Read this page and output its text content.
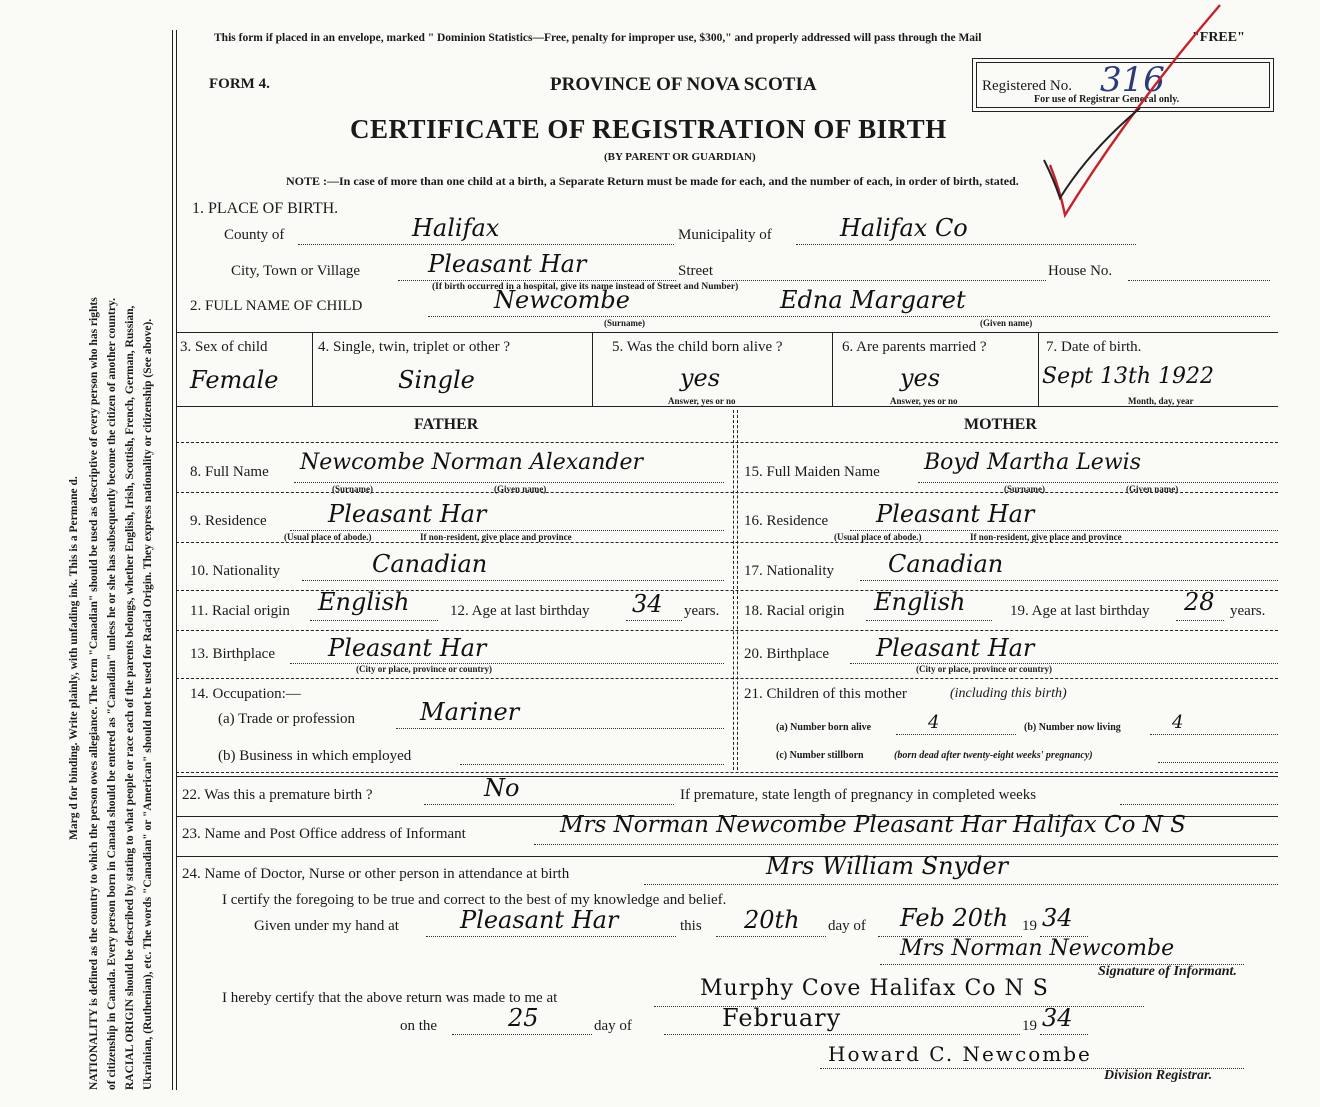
NATIONALITY is defined as the country to which the person owes allegiance. The term "Canadian" should be used as descriptive of every person who has rights of citizenship in Canada. Every person born in Canada should be entered as "Canadian" unless he or she has subsequently become the citizen of another country. RACIAL ORIGIN should be described by stating to what people or race each of the parents belongs, whether English, Irish, Scottish, French, German, Russian, Ukrainian, (Ruthenian), etc. The words "Canadian" or "American" should not be used for Racial Origin. They express nationality or citizenship (See above).
Marg d for binding. Write plainly, with unfading ink. This is a Permane d.
This form if placed in an envelope, marked " Dominion Statistics—Free, penalty for improper use, $300," and properly addressed will pass through the Mail	"FREE"
FORM 4.	PROVINCE OF NOVA SCOTIA	Registered No. 316
For use of Registrar General only.
CERTIFICATE OF REGISTRATION OF BIRTH
(BY PARENT OR GUARDIAN)
NOTE :—In case of more than one child at a birth, a Separate Return must be made for each, and the number of each, in order of birth, stated.
1. PLACE OF BIRTH.
County of	Halifax	Municipality of	Halifax Co
City, Town or Village	Pleasant Har	Street	House No.
(If birth occurred in a hospital, give its name instead of Street and Number)
2. FULL NAME OF CHILD	Newcombe	Edna Margaret
(Surname)	(Given name)
3. Sex of child
Female
4. Single, twin, triplet or other ?
Single
5. Was the child born alive ?
yes
Answer, yes or no
6. Are parents married ?
yes
Answer, yes or no
7. Date of birth.
Sept 13th 1922
Month, day, year
FATHER	MOTHER
8. Full Name Newcombe Norman Alexander
(Surname)	(Given name)
9. Residence	Pleasant Har
(Usual place of abode.)	If non-resident, give place and province
10. Nationality	Canadian
11. Racial origin English	12. Age at last birthday 34 years.
13. Birthplace Pleasant Har
(City or place, province or country)
14. Occupation:—
(a) Trade or profession	Mariner
(b) Business in which employed
15. Full Maiden Name Boyd Martha Lewis
(Surname)	(Given name)
16. Residence Pleasant Har
(Usual place of abode.)	If non-resident, give place and province
17. Nationality Canadian
18. Racial origin English	19. Age at last birthday 28 years.
20. Birthplace Pleasant Har
(City or place, province or country)
21. Children of this mother	(including this birth)
(a) Number born alive	4	(b) Number now living	4
(c) Number stillborn	(born dead after twenty-eight weeks' pregnancy)
22. Was this a premature birth ?	No	If premature, state length of pregnancy in completed weeks
23. Name and Post Office address of Informant	Mrs Norman Newcombe Pleasant Har Halifax Co N S
24. Name of Doctor, Nurse or other person in attendance at birth	Mrs William Snyder
I certify the foregoing to be true and correct to the best of my knowledge and belief.
Given under my hand at	Pleasant Har	this 20th day of Feb 20th 19 34
Mrs Norman Newcombe
Signature of Informant.
I hereby certify that the above return was made to me at	Murphy Cove Halifax Co N S
on the	25	day of	February	19 34
Howard C. Newcombe
Division Registrar.
